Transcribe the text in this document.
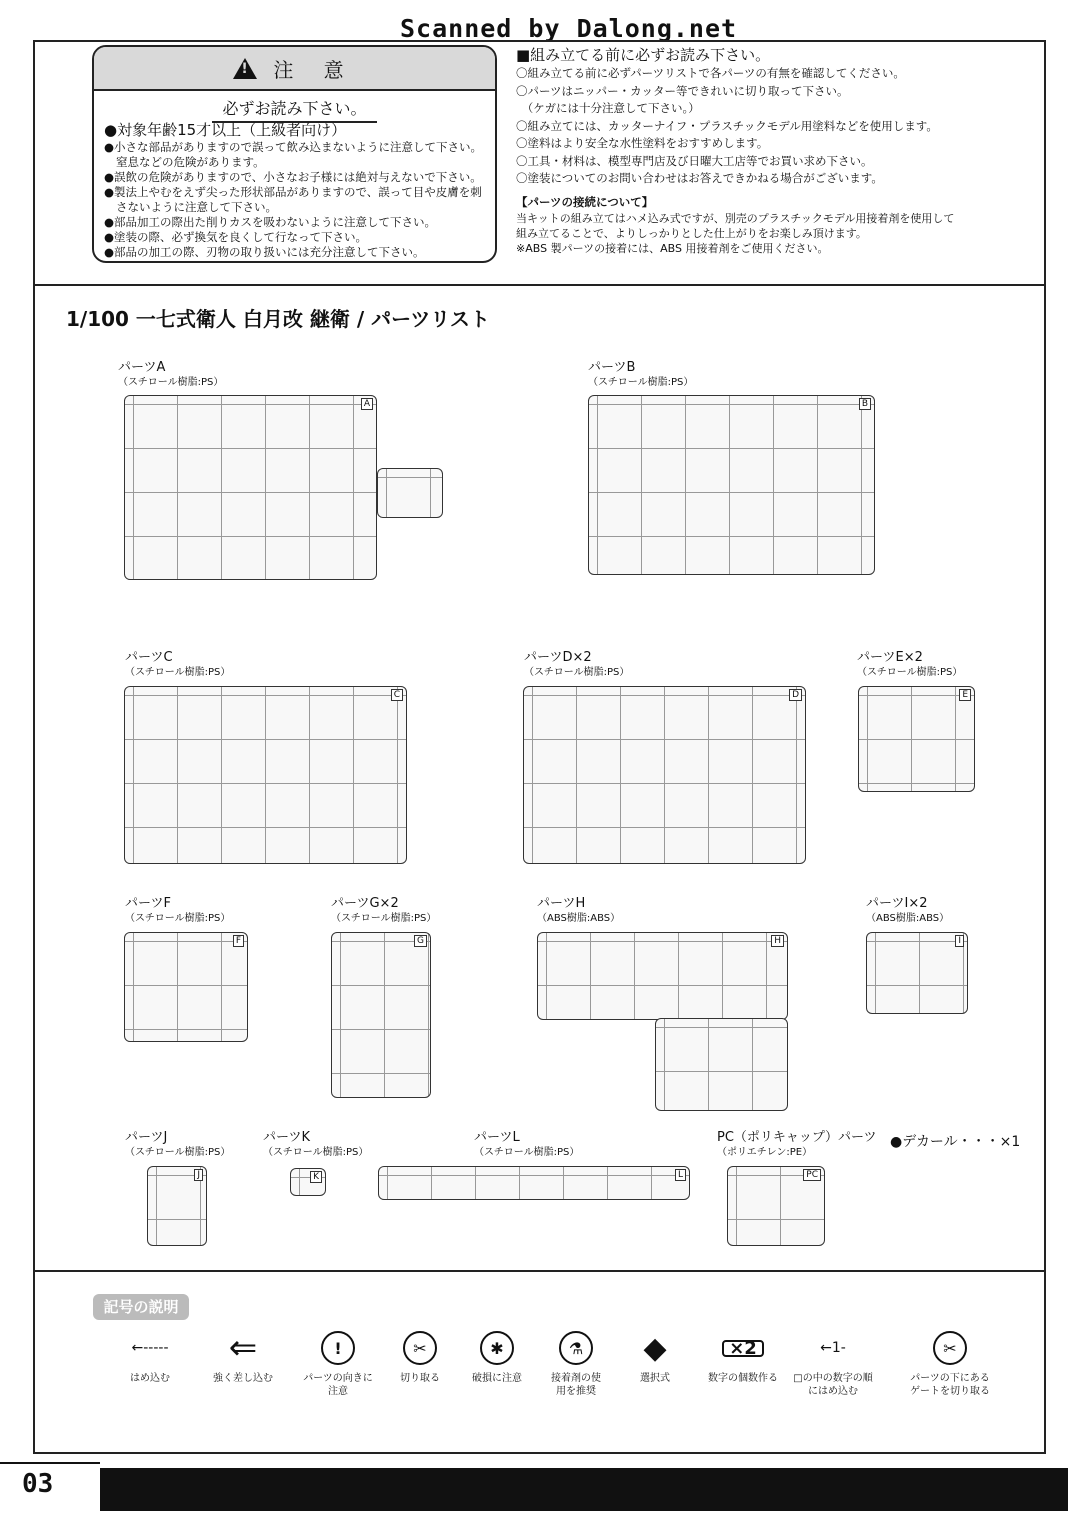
Scanned by Dalong.net
!
注 意
必ずお読み下さい。
●対象年齢15才以上（上級者向け）
●小さな部品がありますので誤って飲み込まないように注意して下さい。窒息などの危険があります。
●誤飲の危険がありますので、小さなお子様には絶対与えないで下さい。
●製法上やむをえず尖った形状部品がありますので、誤って目や皮膚を刺さないように注意して下さい。
●部品加工の際出た削りカスを吸わないように注意して下さい。
●塗装の際、必ず換気を良くして行なって下さい。
●部品の加工の際、刃物の取り扱いには充分注意して下さい。
■組み立てる前に必ずお読み下さい。
〇組み立てる前に必ずパーツリストで各パーツの有無を確認してください。
〇パーツはニッパー・カッター等できれいに切り取って下さい。
　（ケガには十分注意して下さい。）
〇組み立てには、カッターナイフ・プラスチックモデル用塗料などを使用します。
〇塗料はより安全な水性塗料をおすすめします。
〇工具・材料は、模型専門店及び日曜大工店等でお買い求め下さい。
〇塗装についてのお問い合わせはお答えできかねる場合がございます。
【パーツの接続について】
当キットの組み立てはハメ込み式ですが、別売のプラスチックモデル用接着剤を使用して
組み立てることで、よりしっかりとした仕上がりをお楽しみ頂けます。
※ABS 製パーツの接着には、ABS 用接着剤をご使用ください。
1/100 一七式衛人 白月改 継衛 / パーツリスト
パーツA
（スチロール樹脂:PS）
A
パーツB
（スチロール樹脂:PS）
B
パーツC
（スチロール樹脂:PS）
C
パーツD×2
（スチロール樹脂:PS）
D
パーツE×2
（スチロール樹脂:PS）
E
パーツF
（スチロール樹脂:PS）
F
パーツG×2
（スチロール樹脂:PS）
G
パーツH
（ABS樹脂:ABS）
H
パーツI×2
（ABS樹脂:ABS）
I
パーツJ
（スチロール樹脂:PS）
J
パーツK
（スチロール樹脂:PS）
K
パーツL
（スチロール樹脂:PS）
L
PC（ポリキャップ）パーツ
（ポリエチレン:PE）
PC
●デカール・・・×1
記号の説明
←-----
はめ込む
⇐
強く差し込む
!
パーツの向きに注意
✂
切り取る
✱
破損に注意
⚗
接着剤の使用を推奨
◆
選択式
×2
数字の個数作る
←1-
□の中の数字の順にはめ込む
✂
パーツの下にあるゲートを切り取る
03
